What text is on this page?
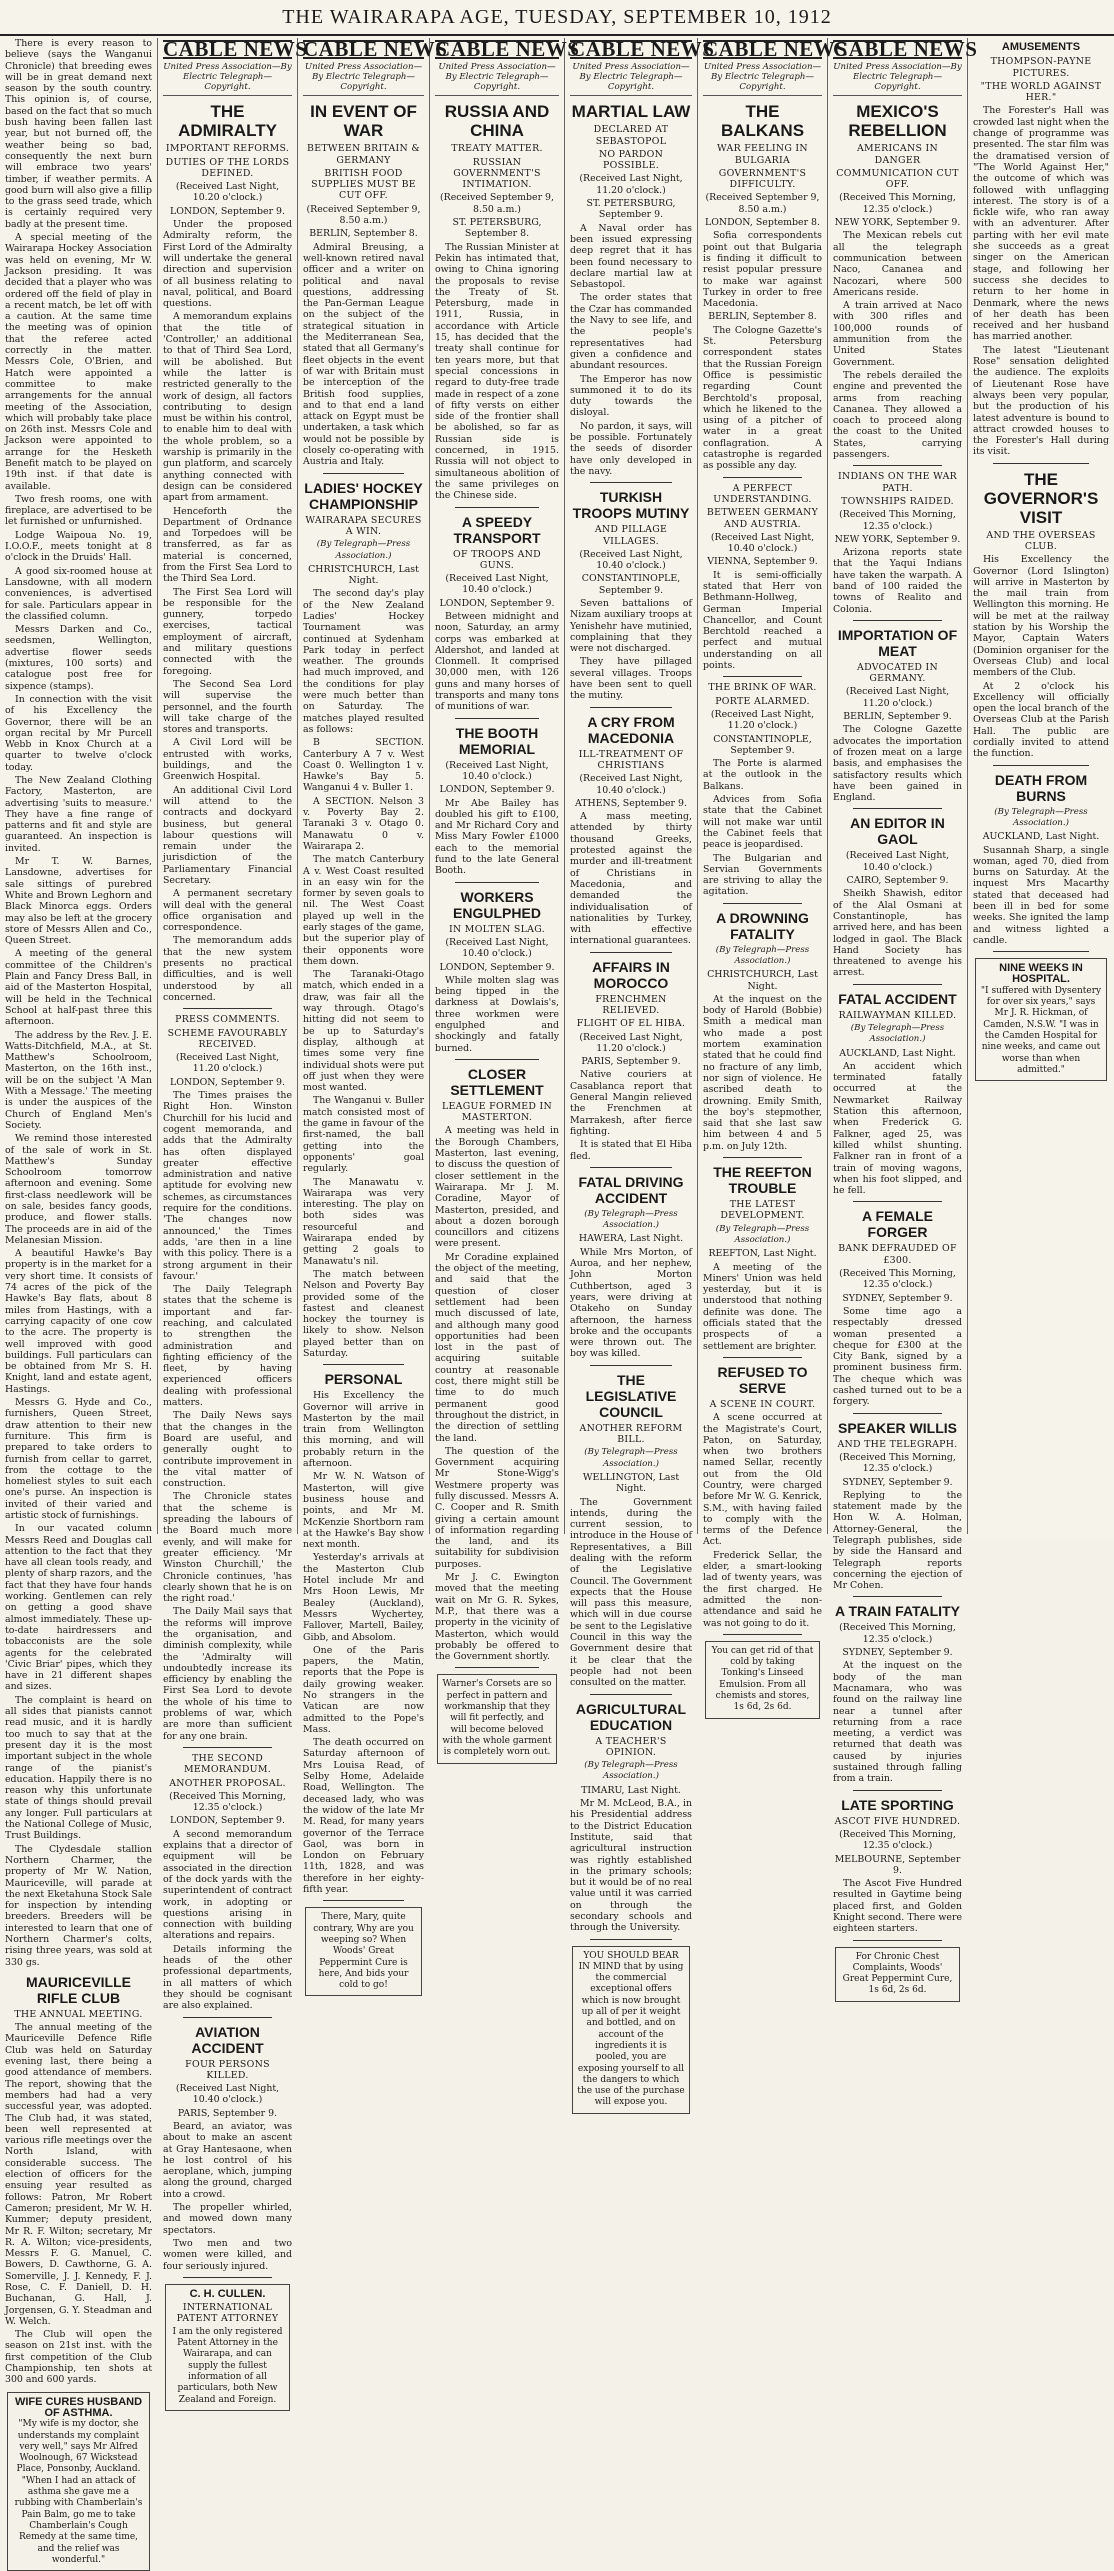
THE WAIRARAPA AGE, TUESDAY, SEPTEMBER 10, 1912

There is every reason to believe (says the Wanganui Chronicle) that breeding ewes will be in great demand next season by the south country. This opinion is, of course, based on the fact that so much bush having been fallen last year, but not burned off, the weather being so bad, consequently the next burn will embrace two years' timber, if weather permits. A good burn will also give a fillip to the grass seed trade, which is certainly required very badly at the present time.

A special meeting of the Wairarapa Hockey Association was held on evening, Mr W. Jackson presiding. It was decided that a player who was ordered off the field of play in a recent match, be let off with a caution. At the same time the meeting was of opinion that the referee acted correctly in the matter. Messrs Cole, O'Brien, and Hatch were appointed a committee to make arrangements for the annual meeting of the Association, which will probably take place on 26th inst. Messrs Cole and Jackson were appointed to arrange for the Hesketh Benefit match to be played on 19th inst. if that date is available.

Two fresh rooms, one with fireplace, are advertised to be let furnished or unfurnished.

Lodge Waipoua No. 19, I.O.O.F., meets tonight at 8 o'clock in the Druids' Hall.

A good six-roomed house at Lansdowne, with all modern conveniences, is advertised for sale. Particulars appear in the classified column.

Messrs Darken and Co., seedsmen, Wellington, advertise flower seeds (mixtures, 100 sorts) and catalogue post free for sixpence (stamps).

In connection with the visit of his Excellency the Governor, there will be an organ recital by Mr Purcell Webb in Knox Church at a quarter to twelve o'clock today.

The New Zealand Clothing Factory, Masterton, are advertising 'suits to measure.' They have a fine range of patterns and fit and style are guaranteed. An inspection is invited.

Mr T. W. Barnes, Lansdowne, advertises for sale sittings of purebred White and Brown Leghorn and Black Minorca eggs. Orders may also be left at the grocery store of Messrs Allen and Co., Queen Street.

A meeting of the general committee of the Children's Plain and Fancy Dress Ball, in aid of the Masterton Hospital, will be held in the Technical School at half-past three this afternoon.

The address by the Rev. J. E. Watts-Ditchfield, M.A., at St. Matthew's Schoolroom, Masterton, on the 16th inst., will be on the subject 'A Man With a Message.' The meeting is under the auspices of the Church of England Men's Society.

We remind those interested of the sale of work in St. Matthew's Sunday Schoolroom tomorrow afternoon and evening. Some first-class needlework will be on sale, besides fancy goods, produce, and flower stalls. The proceeds are in aid of the Melanesian Mission.

A beautiful Hawke's Bay property is in the market for a very short time. It consists of 74 acres of the pick of the Hawke's Bay flats, about 8 miles from Hastings, with a carrying capacity of one cow to the acre. The property is well improved with good buildings. Full particulars can be obtained from Mr S. H. Knight, land and estate agent, Hastings.

Messrs G. Hyde and Co., furnishers, Queen Street, draw attention to their new furniture. This firm is prepared to take orders to furnish from cellar to garret, from the cottage to the homeliest styles to suit each one's purse. An inspection is invited of their varied and artistic stock of furnishings.

In our vacated column Messrs Reed and Douglas call attention to the fact that they have all clean tools ready, and plenty of sharp razors, and the fact that they have four hands working. Gentlemen can rely on getting a good shave almost immediately. These up-to-date hairdressers and tobacconists are the sole agents for the celebrated 'Civic Briar' pipes, which they have in 21 different shapes and sizes.

The complaint is heard on all sides that pianists cannot read music, and it is hardly too much to say that at the present day it is the most important subject in the whole range of the pianist's education. Happily there is no reason why this unfortunate state of things should prevail any longer. Full particulars at the National College of Music, Trust Buildings.

The Clydesdale stallion Northern Charmer, the property of Mr W. Nation, Mauriceville, will parade at the next Eketahuna Stock Sale for inspection by intending breeders. Breeders will be interested to learn that one of Northern Charmer's colts, rising three years, was sold at 330 gs.

MAURICEVILLE RIFLE CLUB
THE ANNUAL MEETING.

The annual meeting of the Mauriceville Defence Rifle Club was held on Saturday evening last, there being a good attendance of members. The report, showing that the members had had a very successful year, was adopted. The Club had, it was stated, been well represented at various rifle meetings over the North Island, with considerable success. The election of officers for the ensuing year resulted as follows: Patron, Mr Robert Cameron; president, Mr W. H. Kummer; deputy president, Mr R. F. Wilton; secretary, Mr R. A. Wilton; vice-presidents, Messrs F. G. Manuel, C. Bowers, D. Cawthorne, G. A. Somerville, J. J. Kennedy, F. J. Rose, C. F. Daniell, D. H. Buchanan, G. Hall, J. Jorgensen, G. Y. Steadman and W. Welch.

The Club will open the season on 21st inst. with the first competition of the Club Championship, ten shots at 300 and 600 yards.

WIFE CURES HUSBAND OF ASTHMA.
"My wife is my doctor, she understands my complaint very well," says Mr Alfred Woolnough, 67 Wickstead Place, Ponsonby, Auckland. "When I had an attack of asthma she gave me a rubbing with Chamberlain's Pain Balm, go me to take Chamberlain's Cough Remedy at the same time, and the relief was wonderful."
CABLE NEWS
United Press Association—By Electric Telegraph—Copyright.
THE ADMIRALTY
IMPORTANT REFORMS.
DUTIES OF THE LORDS DEFINED.

(Received Last Night, 10.20 o'clock.)

LONDON, September 9.

Under the proposed Admiralty reform, the First Lord of the Admiralty will undertake the general direction and supervision of all business relating to naval, political, and Board questions.

A memorandum explains that the title of 'Controller,' an additional to that of Third Sea Lord, will be abolished. But while the latter is restricted generally to the work of design, all factors contributing to design must be within his control, to enable him to deal with the whole problem, so a warship is primarily in the gun platform, and scarcely anything connected with design can be considered apart from armament.

Henceforth the Department of Ordnance and Torpedoes will be transferred, as far as material is concerned, from the First Sea Lord to the Third Sea Lord.

The First Sea Lord will be responsible for the gunnery, torpedo exercises, tactical employment of aircraft, and military questions connected with the foregoing.

The Second Sea Lord will supervise the personnel, and the fourth will take charge of the stores and transports.

A Civil Lord will be entrusted with works, buildings, and the Greenwich Hospital.

An additional Civil Lord will attend to the contracts and dockyard business, but general labour questions will remain under the jurisdiction of the Parliamentary Financial Secretary.

A permanent secretary will deal with the general office organisation and correspondence.

The memorandum adds that the new system presents no practical difficulties, and is well understood by all concerned.

PRESS COMMENTS.
SCHEME FAVOURABLY RECEIVED.

(Received Last Night, 11.20 o'clock.)

LONDON, September 9.

The Times praises the Right Hon. Winston Churchill for his lucid and cogent memoranda, and adds that the Admiralty has often displayed greater effective administration and native aptitude for evolving new schemes, as circumstances require for the conditions. 'The changes now announced,' the Times adds, 'are then in a line with this policy. There is a strong argument in their favour.'

The Daily Telegraph states that the scheme is important and far-reaching, and calculated to strengthen the administration and fighting efficiency of the fleet, by having experienced officers dealing with professional matters.

The Daily News says that the changes in the Board are useful, and generally ought to contribute improvement in the vital matter of construction.

The Chronicle states that the scheme is spreading the labours of the Board much more evenly, and will make for greater efficiency. 'Mr Winston Churchill,' the Chronicle continues, 'has clearly shown that he is on the right road.'

The Daily Mail says that the reforms will improve the organisation, and diminish complexity, while the 'Admiralty will undoubtedly increase its efficiency by enabling the First Sea Lord to devote the whole of his time to problems of war, which are more than sufficient for any one brain.

THE SECOND MEMORANDUM.
ANOTHER PROPOSAL.

(Received This Morning, 12.35 o'clock.)

LONDON, September 9.

A second memorandum explains that a director of equipment will be associated in the direction of the dock yards with the superintendent of contract work, in adopting or questions arising in connection with building alterations and repairs.

Details informing the heads of the other professional departments, in all matters of which they should be cognisant are also explained.

AVIATION ACCIDENT
FOUR PERSONS KILLED.

(Received Last Night, 10.40 o'clock.)

PARIS, September 9.

Beard, an aviator, was about to make an ascent at Gray Hantesaone, when he lost control of his aeroplane, which, jumping along the ground, charged into a crowd.

The propeller whirled, and mowed down many spectators.

Two men and two women were killed, and four seriously injured.

C. H. CULLEN.
INTERNATIONAL PATENT ATTORNEY
I am the only registered Patent Attorney in the Wairarapa, and can supply the fullest information of all particulars, both New Zealand and Foreign.
CABLE NEWS
United Press Association—By Electric Telegraph—Copyright.
IN EVENT OF WAR
BETWEEN BRITAIN & GERMANY
BRITISH FOOD SUPPLIES MUST BE CUT OFF.

(Received September 9, 8.50 a.m.)

BERLIN, September 8.

Admiral Breusing, a well-known retired naval officer and a writer on political and naval questions, addressing the Pan-German League on the subject of the strategical situation in the Mediterranean Sea, stated that all Germany's fleet objects in the event of war with Britain must be interception of the British food supplies, and to that end a land attack on Egypt must be undertaken, a task which would not be possible by closely co-operating with Austria and Italy.

LADIES' HOCKEY CHAMPIONSHIP
WAIRARAPA SECURES A WIN.

(By Telegraph—Press Association.)

CHRISTCHURCH, Last Night.

The second day's play of the New Zealand Ladies' Hockey Tournament was continued at Sydenham Park today in perfect weather. The grounds had much improved, and the conditions for play were much better than on Saturday. The matches played resulted as follows:

B SECTION. Canterbury A 7 v. West Coast 0. Wellington 1 v. Hawke's Bay 5. Wanganui 4 v. Buller 1.

A SECTION. Nelson 3 v. Poverty Bay 2. Taranaki 3 v. Otago 0. Manawatu 0 v. Wairarapa 2.

The match Canterbury A v. West Coast resulted in an easy win for the former by seven goals to nil. The West Coast played up well in the early stages of the game, but the superior play of their opponents wore them down.

The Taranaki-Otago match, which ended in a draw, was fair all the way through. Otago's hitting did not seem to be up to Saturday's display, although at times some very fine individual shots were put off just when they were most wanted.

The Wanganui v. Buller match consisted most of the game in favour of the first-named, the ball getting into the opponents' goal regularly.

The Manawatu v. Wairarapa was very interesting. The play on both sides was resourceful and Wairarapa ended by getting 2 goals to Manawatu's nil.

The match between Nelson and Poverty Bay provided some of the fastest and cleanest hockey the tourney is likely to show. Nelson played better than on Saturday.

PERSONAL

His Excellency the Governor will arrive in Masterton by the mail train from Wellington this morning, and will probably return in the afternoon.

Mr W. N. Watson of Masterton, will give business house and points, and Mr M. McKenzie Shortborn ram at the Hawke's Bay show next month.

Yesterday's arrivals at the Masterton Club Hotel include Mr and Mrs Hoon Lewis, Mr Bealey (Auckland), Messrs Wychertey, Fallover, Martell, Bailey, Gibb, and Absolom.

One of the Paris papers, the Matin, reports that the Pope is daily growing weaker. No strangers in the Vatican are now admitted to the Pope's Mass.

The death occurred on Saturday afternoon of Mrs Louisa Read, of Selby Home, Adelaide Road, Wellington. The deceased lady, who was the widow of the late Mr M. Read, for many years governor of the Terrace Gaol, was born in London on February 11th, 1828, and was therefore in her eighty-fifth year.

There, Mary, quite contrary, Why are you weeping so? When Woods' Great Peppermint Cure is here, And bids your cold to go!
CABLE NEWS
United Press Association—By Electric Telegraph—Copyright.
RUSSIA AND CHINA
TREATY MATTER.
RUSSIAN GOVERNMENT'S INTIMATION.

(Received September 9, 8.50 a.m.)

ST. PETERSBURG, September 8.

The Russian Minister at Pekin has intimated that, owing to China ignoring the proposals to revise the Treaty of St. Petersburg, made in 1911, Russia, in accordance with Article 15, has decided that the treaty shall continue for ten years more, but that special concessions in regard to duty-free trade made in respect of a zone of fifty versts on either side of the frontier shall be abolished, so far as Russian side is concerned, in 1915. Russia will not object to simultaneous abolition of the same privileges on the Chinese side.

A SPEEDY TRANSPORT
OF TROOPS AND GUNS.

(Received Last Night, 10.40 o'clock.)

LONDON, September 9.

Between midnight and noon, Saturday, an army corps was embarked at Aldershot, and landed at Clonmell. It comprised 30,000 men, with 126 guns and many horses of transports and many tons of munitions of war.

THE BOOTH MEMORIAL

(Received Last Night, 10.40 o'clock.)

LONDON, September 9.

Mr Abe Bailey has doubled his gift to £100, and Mr Richard Cory and Miss Mary Fowler £1000 each to the memorial fund to the late General Booth.

WORKERS ENGULPHED
IN MOLTEN SLAG.

(Received Last Night, 10.40 o'clock.)

LONDON, September 9.

While molten slag was being tipped in the darkness at Dowlais's, three workmen were engulphed and shockingly and fatally burned.

CLOSER SETTLEMENT
LEAGUE FORMED IN MASTERTON.

A meeting was held in the Borough Chambers, Masterton, last evening, to discuss the question of closer settlement in the Wairarapa. Mr J. M. Coradine, Mayor of Masterton, presided, and about a dozen borough councillors and citizens were present.

Mr Coradine explained the object of the meeting, and said that the question of closer settlement had been much discussed of late, and although many good opportunities had been lost in the past of acquiring suitable country at reasonable cost, there might still be time to do much permanent good throughout the district, in the direction of settling the land.

The question of the Government acquiring Mr Stone-Wigg's Westmere property was fully discussed. Messrs A. C. Cooper and R. Smith giving a certain amount of information regarding the land, and its suitability for subdivision purposes.

Mr J. C. Ewington moved that the meeting wait on Mr G. R. Sykes, M.P., that there was a property in the vicinity of Masterton, which would probably be offered to the Government shortly.

Warner's Corsets are so perfect in pattern and workmanship that they will fit perfectly, and will become beloved with the whole garment is completely worn out.
CABLE NEWS
United Press Association—By Electric Telegraph—Copyright.
MARTIAL LAW
DECLARED AT SEBASTOPOL
NO PARDON POSSIBLE.

(Received Last Night, 11.20 o'clock.)

ST. PETERSBURG, September 9.

A Naval order has been issued expressing deep regret that it has been found necessary to declare martial law at Sebastopol.

The order states that the Czar has commanded the Navy to see life, and the people's representatives had given a confidence and abundant resources.

The Emperor has now summoned it to do its duty towards the disloyal.

No pardon, it says, will be possible. Fortunately the seeds of disorder have only developed in the navy.

TURKISH TROOPS MUTINY
AND PILLAGE VILLAGES.

(Received Last Night, 10.40 o'clock.)

CONSTANTINOPLE, September 9.

Seven battalions of Nizam auxiliary troops at Yenishehr have mutinied, complaining that they were not discharged.

They have pillaged several villages. Troops have been sent to quell the mutiny.

A CRY FROM MACEDONIA
ILL-TREATMENT OF CHRISTIANS

(Received Last Night, 10.40 o'clock.)

ATHENS, September 9.

A mass meeting, attended by thirty thousand Greeks, protested against the murder and ill-treatment of Christians in Macedonia, and demanded the individualisation of nationalities by Turkey, with effective international guarantees.

AFFAIRS IN MOROCCO
FRENCHMEN RELIEVED.
FLIGHT OF EL HIBA.

(Received Last Night, 11.20 o'clock.)

PARIS, September 9.

Native couriers at Casablanca report that General Mangin relieved the Frenchmen at Marrakesh, after fierce fighting.

It is stated that El Hiba fled.

FATAL DRIVING ACCIDENT

(By Telegraph—Press Association.)

HAWERA, Last Night.

While Mrs Morton, of Auroa, and her nephew, John Morton Cuthbertson, aged 3 years, were driving at Otakeho on Sunday afternoon, the harness broke and the occupants were thrown out. The boy was killed.

THE LEGISLATIVE COUNCIL
ANOTHER REFORM BILL.

(By Telegraph—Press Association.)

WELLINGTON, Last Night.

The Government intends, during the current session, to introduce in the House of Representatives, a Bill dealing with the reform of the Legislative Council. The Government expects that the House will pass this measure, which will in due course be sent to the Legislative Council in this way the Government desire that it be clear that the people had not been consulted on the matter.

AGRICULTURAL EDUCATION
A TEACHER'S OPINION.

(By Telegraph—Press Association.)

TIMARU, Last Night.

Mr M. McLeod, B.A., in his Presidential address to the District Education Institute, said that agricultural instruction was rightly established in the primary schools; but it would be of no real value until it was carried on through the secondary schools and through the University.

YOU SHOULD BEAR IN MIND that by using the commercial exceptional offers which is now brought up all of per it weight and bottled, and on account of the ingredients it is pooled, you are exposing yourself to all the dangers to which the use of the purchase will expose you.
CABLE NEWS
United Press Association—By Electric Telegraph—Copyright.
THE BALKANS
WAR FEELING IN BULGARIA
GOVERNMENT'S DIFFICULTY.

(Received September 9, 8.50 a.m.)

LONDON, September 8.

Sofia correspondents point out that Bulgaria is finding it difficult to resist popular pressure to make war against Turkey in order to free Macedonia.

BERLIN, September 8.

The Cologne Gazette's St. Petersburg correspondent states that the Russian Foreign Office is pessimistic regarding Count Berchtold's proposal, which he likened to the using of a pitcher of water in a great conflagration. A catastrophe is regarded as possible any day.

A PERFECT UNDERSTANDING.
BETWEEN GERMANY AND AUSTRIA.

(Received Last Night, 10.40 o'clock.)

VIENNA, September 9.

It is semi-officially stated that Herr von Bethmann-Hollweg, German Imperial Chancellor, and Count Berchtold reached a perfect and mutual understanding on all points.

THE BRINK OF WAR.
PORTE ALARMED.

(Received Last Night, 11.20 o'clock.)

CONSTANTINOPLE, September 9.

The Porte is alarmed at the outlook in the Balkans.

Advices from Sofia state that the Cabinet will not make war until the Cabinet feels that peace is jeopardised.

The Bulgarian and Servian Governments are striving to allay the agitation.

A DROWNING FATALITY

(By Telegraph—Press Association.)

CHRISTCHURCH, Last Night.

At the inquest on the body of Harold (Bobbie) Smith a medical man who made a post mortem examination stated that he could find no fracture of any limb, nor sign of violence. He ascribed death to drowning. Emily Smith, the boy's stepmother, said that she last saw him between 4 and 5 p.m. on July 12th.

THE REEFTON TROUBLE
THE LATEST DEVELOPMENT.

(By Telegraph—Press Association.)

REEFTON, Last Night.

A meeting of the Miners' Union was held yesterday, but it is understood that nothing definite was done. The officials stated that the prospects of a settlement are brighter.

REFUSED TO SERVE
A SCENE IN COURT.

A scene occurred at the Magistrate's Court, Paton, on Saturday, when two brothers named Sellar, recently out from the Old Country, were charged before Mr W. G. Kenrick, S.M., with having failed to comply with the terms of the Defence Act.

Frederick Sellar, the elder, a smart-looking lad of twenty years, was the first charged. He admitted the non-attendance and said he was not going to do it.

You can get rid of that cold by taking Tonking's Linseed Emulsion. From all chemists and stores, 1s 6d, 2s 6d.
CABLE NEWS
United Press Association—By Electric Telegraph—Copyright.
MEXICO'S REBELLION
AMERICANS IN DANGER
COMMUNICATION CUT OFF.

(Received This Morning, 12.35 o'clock.)

NEW YORK, September 9.

The Mexican rebels cut all the telegraph communication between Naco, Cananea and Nacozari, where 500 Americans reside.

A train arrived at Naco with 300 rifles and 100,000 rounds of ammunition from the United States Government.

The rebels derailed the engine and prevented the arms from reaching Cananea. They allowed a coach to proceed along the coast to the United States, carrying passengers.

INDIANS ON THE WAR PATH.
TOWNSHIPS RAIDED.

(Received This Morning, 12.35 o'clock.)

NEW YORK, September 9.

Arizona reports state that the Yaqui Indians have taken the warpath. A band of 100 raided the towns of Realito and Colonia.

IMPORTATION OF MEAT
ADVOCATED IN GERMANY.

(Received Last Night, 11.20 o'clock.)

BERLIN, September 9.

The Cologne Gazette advocates the importation of frozen meat on a large basis, and emphasises the satisfactory results which have been gained in England.

AN EDITOR IN GAOL

(Received Last Night, 10.40 o'clock.)

CAIRO, September 9.

Sheikh Shawish, editor of the Alal Osmani at Constantinople, has arrived here, and has been lodged in gaol. The Black Hand Society has threatened to avenge his arrest.

FATAL ACCIDENT
RAILWAYMAN KILLED.

(By Telegraph—Press Association.)

AUCKLAND, Last Night.

An accident which terminated fatally occurred at the Newmarket Railway Station this afternoon, when Frederick G. Falkner, aged 25, was killed whilst shunting. Falkner ran in front of a train of moving wagons, when his foot slipped, and he fell.

A FEMALE FORGER
BANK DEFRAUDED OF £300.

(Received This Morning, 12.35 o'clock.)

SYDNEY, September 9.

Some time ago a respectably dressed woman presented a cheque for £300 at the City Bank, signed by a prominent business firm. The cheque which was cashed turned out to be a forgery.

SPEAKER WILLIS
AND THE TELEGRAPH.

(Received This Morning, 12.35 o'clock.)

SYDNEY, September 9.

Replying to the statement made by the Hon W. A. Holman, Attorney-General, the Telegraph publishes, side by side the Hansard and Telegraph reports concerning the ejection of Mr Cohen.

A TRAIN FATALITY

(Received This Morning, 12.35 o'clock.)

SYDNEY, September 9.

At the inquest on the body of the man Macnamara, who was found on the railway line near a tunnel after returning from a race meeting, a verdict was returned that death was caused by injuries sustained through falling from a train.

LATE SPORTING
ASCOT FIVE HUNDRED.

(Received This Morning, 12.35 o'clock.)

MELBOURNE, September 9.

The Ascot Five Hundred resulted in Gaytime being placed first, and Golden Knight second. There were eighteen starters.

For Chronic Chest Complaints, Woods' Great Peppermint Cure, 1s 6d, 2s 6d.
AMUSEMENTS
THOMPSON-PAYNE PICTURES.
"THE WORLD AGAINST HER."

The Forester's Hall was crowded last night when the change of programme was presented. The star film was the dramatised version of "The World Against Her," the outcome of which was followed with unflagging interest. The story is of a fickle wife, who ran away with an adventurer. After parting with her evil mate she succeeds as a great singer on the American stage, and following her success she decides to return to her home in Denmark, where the news of her death has been received and her husband has married another.

The latest "Lieutenant Rose" sensation delighted the audience. The exploits of Lieutenant Rose have always been very popular, but the production of his latest adventure is bound to attract crowded houses to the Forester's Hall during its visit.

THE GOVERNOR'S VISIT
AND THE OVERSEAS CLUB.

His Excellency the Governor (Lord Islington) will arrive in Masterton by the mail train from Wellington this morning. He will be met at the railway station by his Worship the Mayor, Captain Waters (Dominion organiser for the Overseas Club) and local members of the Club.

At 2 o'clock his Excellency will officially open the local branch of the Overseas Club at the Parish Hall. The public are cordially invited to attend the function.

DEATH FROM BURNS

(By Telegraph—Press Association.)

AUCKLAND, Last Night.

Susannah Sharp, a single woman, aged 70, died from burns on Saturday. At the inquest Mrs Macarthy stated that deceased had been ill in bed for some weeks. She ignited the lamp and witness lighted a candle.

NINE WEEKS IN HOSPITAL.
"I suffered with Dysentery for over six years," says Mr J. R. Hickman, of Camden, N.S.W. "I was in the Camden Hospital for nine weeks, and came out worse than when admitted."
